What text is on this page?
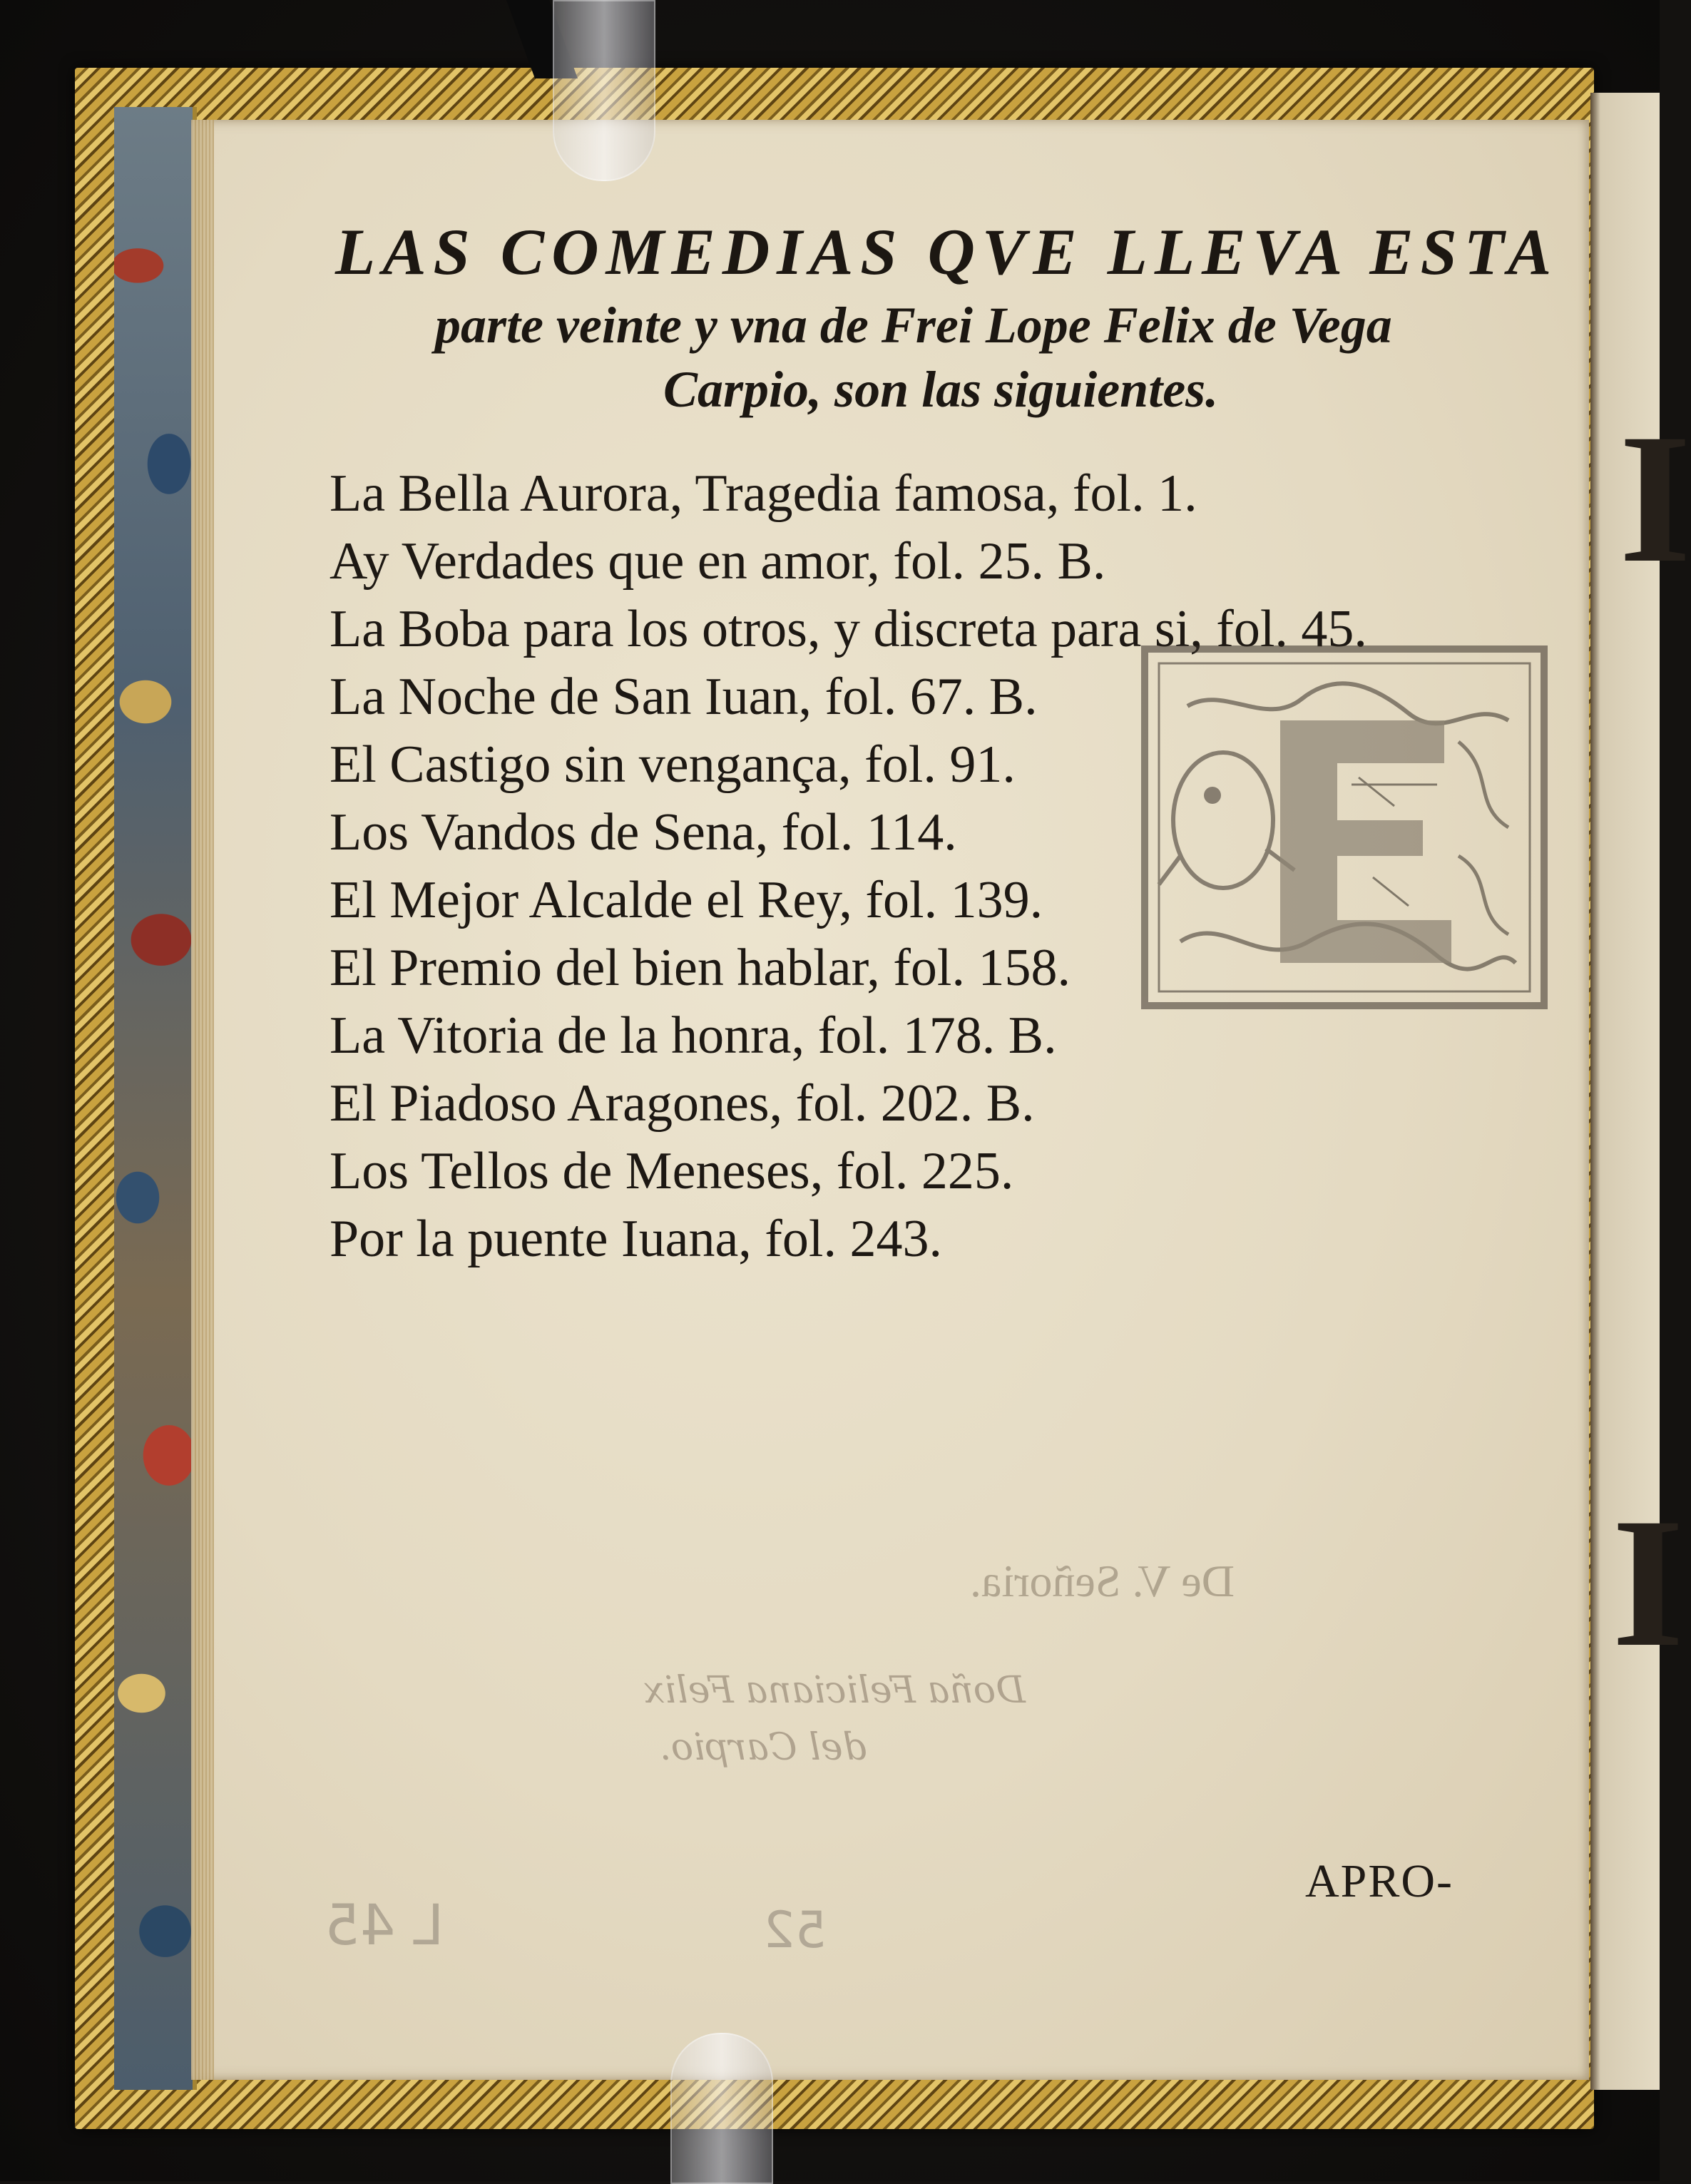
I
I
De V. Señoria.
Doña Feliciana Felix
del Carpio.
LAS COMEDIAS QVE LLEVA ESTA
parte veinte y vna de Frei Lope Felix de Vega
Carpio, son las siguientes.
La Bella Aurora, Tragedia famosa, fol. 1.
Ay Verdades que en amor, fol. 25. B.
La Boba para los otros, y discreta para si, fol. 45.
La Noche de San Iuan, fol. 67. B.
El Castigo sin vengança, fol. 91.
Los Vandos de Sena, fol. 114.
El Mejor Alcalde el Rey, fol. 139.
El Premio del bien hablar, fol. 158.
La Vitoria de la honra, fol. 178. B.
El Piadoso Aragones, fol. 202. B.
Los Tellos de Meneses, fol. 225.
Por la puente Iuana, fol. 243.
APRO-
L 45	52
